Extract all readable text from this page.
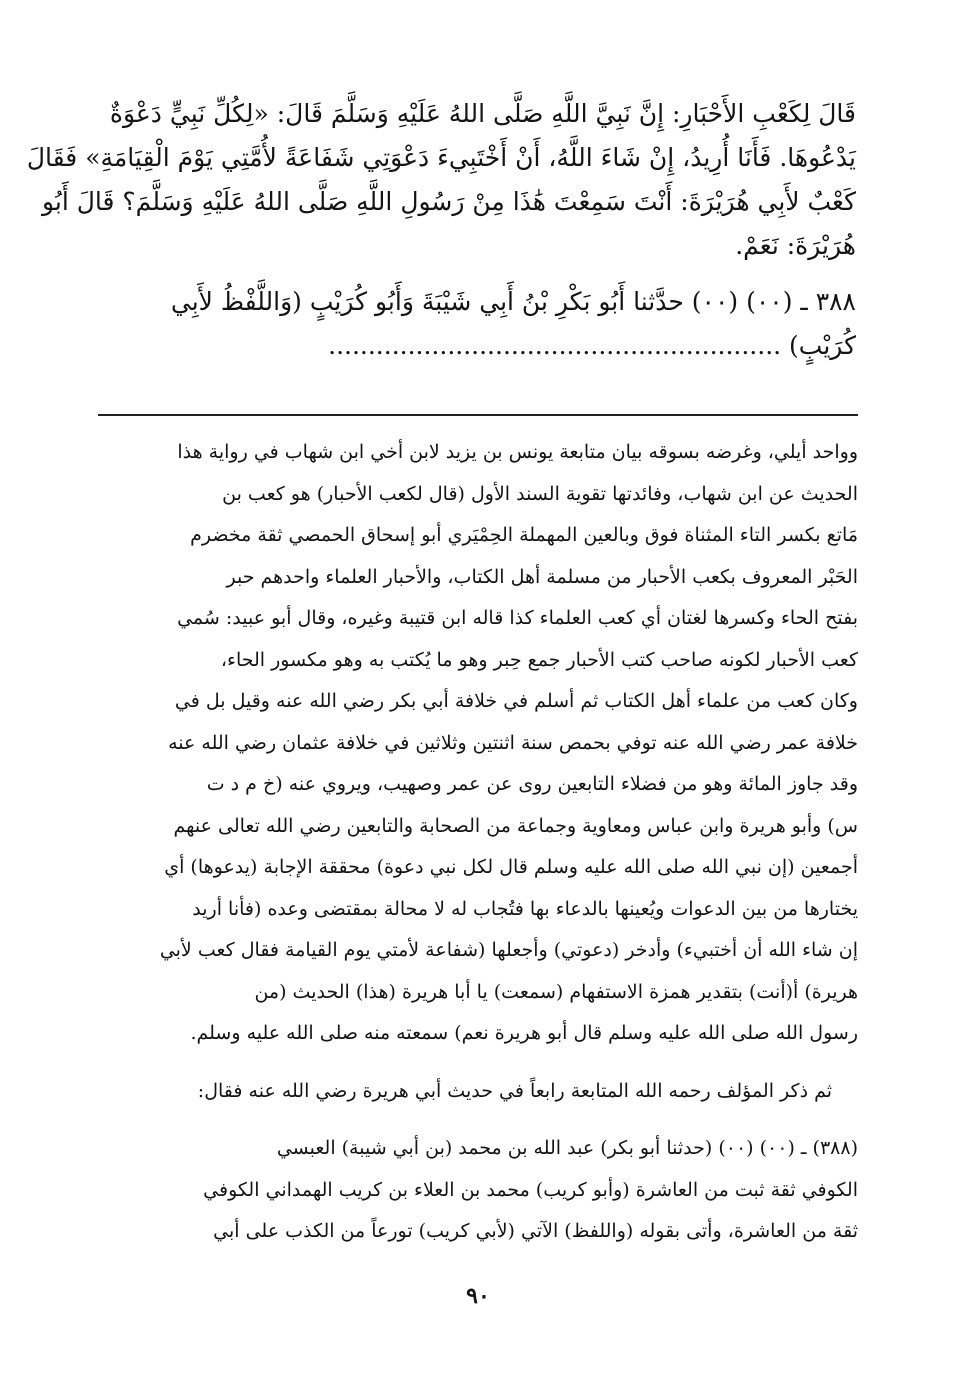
قَالَ لِكَعْبِ الأَحْبَارِ: إِنَّ نَبِيَّ اللَّهِ صَلَّى اللهُ عَلَيْهِ وَسَلَّمَ قَالَ: «لِكُلِّ نَبِيٍّ دَعْوَةٌ
يَدْعُوهَا. فَأَنَا أُرِيدُ، إِنْ شَاءَ اللَّهُ، أَنْ أَخْتَبِيءَ دَعْوَتِي شَفَاعَةً لأُمَّتِي يَوْمَ الْقِيَامَةِ» فَقَالَ
كَعْبٌ لأَبِي هُرَيْرَةَ: أَنْتَ سَمِعْتَ هَٰذَا مِنْ رَسُولِ اللَّهِ صَلَّى اللهُ عَلَيْهِ وَسَلَّمَ؟ قَالَ أَبُو
هُرَيْرَةَ: نَعَمْ.
٣٨٨ ـ (٠٠) (٠٠) حدَّثنا أَبُو بَكْرِ بْنُ أَبِي شَيْبَةَ وَأَبُو كُرَيْبٍ (وَاللَّفْظُ لأَبِي
كُرَيْبٍ) .........................................................
وواحد أيلي، وغرضه بسوقه بيان متابعة يونس بن يزيد لابن أخي ابن شهاب في رواية هذا
الحديث عن ابن شهاب، وفائدتها تقوية السند الأول (قال لكعب الأحبار) هو كعب بن
مَاتع بكسر التاء المثناة فوق وبالعين المهملة الحِمْيَري أبو إسحاق الحمصي ثقة مخضرم
الحَبْر المعروف بكعب الأحبار من مسلمة أهل الكتاب، والأحبار العلماء واحدهم حبر
بفتح الحاء وكسرها لغتان أي كعب العلماء كذا قاله ابن قتيبة وغيره، وقال أبو عبيد: سُمي
كعب الأحبار لكونه صاحب كتب الأحبار جمع حِبر وهو ما يُكتب به وهو مكسور الحاء،
وكان كعب من علماء أهل الكتاب ثم أسلم في خلافة أبي بكر رضي الله عنه وقيل بل في
خلافة عمر رضي الله عنه توفي بحمص سنة اثنتين وثلاثين في خلافة عثمان رضي الله عنه
وقد جاوز المائة وهو من فضلاء التابعين روى عن عمر وصهيب، ويروي عنه (خ م د ت
س) وأبو هريرة وابن عباس ومعاوية وجماعة من الصحابة والتابعين رضي الله تعالى عنهم
أجمعين (إن نبي الله صلى الله عليه وسلم قال لكل نبي دعوة) محققة الإجابة (يدعوها) أي
يختارها من بين الدعوات ويُعينها بالدعاء بها فتُجاب له لا محالة بمقتضى وعده (فأنا أريد
إن شاء الله أن أختبيء) وأدخر (دعوتي) وأجعلها (شفاعة لأمتي يوم القيامة فقال كعب لأبي
هريرة) أ(أنت) بتقدير همزة الاستفهام (سمعت) يا أبا هريرة (هذا) الحديث (من
رسول الله صلى الله عليه وسلم قال أبو هريرة نعم) سمعته منه صلى الله عليه وسلم.
ثم ذكر المؤلف رحمه الله المتابعة رابعاً في حديث أبي هريرة رضي الله عنه فقال:
(٣٨٨) ـ (٠٠) (٠٠) (حدثنا أبو بكر) عبد الله بن محمد (بن أبي شيبة) العبسي
الكوفي ثقة ثبت من العاشرة (وأبو كريب) محمد بن العلاء بن كريب الهمداني الكوفي
ثقة من العاشرة، وأتى بقوله (واللفظ) الآتي (لأبي كريب) تورعاً من الكذب على أبي
٩٠
